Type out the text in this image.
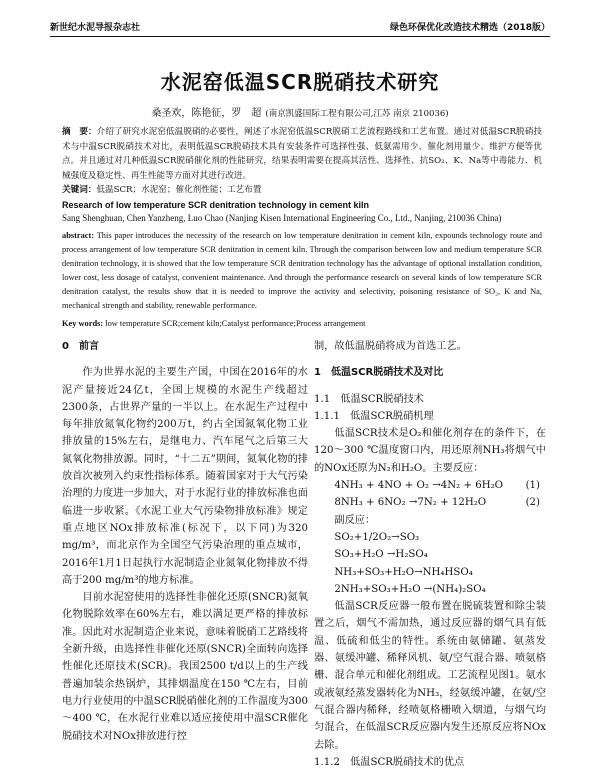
新世纪水泥导报杂志社	绿色环保优化改造技术精选（2018版）
水泥窑低温SCR脱硝技术研究
桑圣欢，陈艳征，罗　超 (南京凯盛国际工程有限公司,江苏 南京 210036)
摘　要：介绍了研究水泥窑低温脱硝的必要性，阐述了水泥窑低温SCR脱硝工艺流程路线和工艺布置。通过对低温SCR脱硝技术与中温SCR脱硝技术对比，表明低温SCR脱硝技术具有安装条件可选择性强、低氨需用少、催化剂用量少、维护方便等优点。并且通过对几种低温SCR脱硝催化剂的性能研究，结果表明需要在提高其活性、选择性、抗SO₂、K、Na等中毒能力、机械强度及稳定性、再生性能等方面对其进行改进。
关键词：低温SCR；水泥窑；催化剂性能；工艺布置
Research of low temperature SCR denitration technology in cement kiln
Sang Shenghuan, Chen Yanzheng, Luo Chao (Nanjing Kisen International Engineering Co., Ltd., Nanjing, 210036 China)
abstract: This paper introduces the necessity of the research on low temperature denitration in cement kiln, expounds technology route and process arrangement of low temperature SCR denitration in cement kiln. Through the comparison between low and medium temperature SCR denitration technology, it is showed that the low temperature SCR denitration technology has the advantage of optional installation condition, lower cost, less dosage of catalyst, convenient maintenance. And through the performance research on several kinds of low temperature SCR denitration catalyst, the results show that it is needed to improve the activity and selectivity, poisoning resistance of SO₂, K and Na, mechanical strength and stability, renewable performance.
Key words: low temperature SCR;cement kiln;Catalyst performance;Process arrangement

0　前言

作为世界水泥的主要生产国，中国在2016年的水泥产量接近24亿t，全国上规模的水泥生产线超过2300条，占世界产量的一半以上。在水泥生产过程中每年排放氮氧化物约200万t，约占全国氮氧化物工业排放量的15%左右，是继电力、汽车尾气之后第三大氮氧化物排放源。同时，“十二五”期间，氮氧化物的排放首次被列入约束性指标体系。随着国家对于大气污染治理的力度进一步加大，对于水泥行业的排放标准也面临进一步收紧。《水泥工业大气污染物排放标准》规定重点地区NOx排放标准(标况下，以下同)为320 mg/m³，而北京作为全国空气污染治理的重点城市，2016年1月1日起执行水泥制造企业氮氧化物排放不得高于200 mg/m³的地方标准。

目前水泥窑使用的选择性非催化还原(SNCR)氮氧化物脱除效率在60%左右，难以满足更严格的排放标准。因此对水泥制造企业来说，意味着脱硝工艺路线将全新升级，由选择性非催化还原(SNCR)全面转向选择性催化还原技术(SCR)。我国2500 t/d以上的生产线普遍加装余热锅炉，其排烟温度在150 ℃左右，目前电力行业使用的中温SCR脱硝催化剂的工作温度为300～400 ℃，在水泥行业难以适应接使用中温SCR催化脱硝技术对NOx排放进行控

制，故低温脱硝将成为首选工艺。

1　低温SCR脱硝技术及对比

1.1　低温SCR脱硝技术

1.1.1　低温SCR脱硝机理

低温SCR技术是O₂和催化剂存在的条件下，在120～300 ℃温度窗口内，用还原剂NH₃将烟气中的NOx还原为N₂和H₂O。主要反应：

4NH₃ + 4NO + O₂ →4N₂ + 6H₂O (1)

8NH₃ + 6NO₂ →7N₂ + 12H₂O	(2)

副反应：

SO₂+1/2O₂→SO₃

SO₃+H₂O →H₂SO₄

NH₃+SO₃+H₂O→NH₄HSO₄

2NH₃+SO₃+H₂O →(NH₄)₂SO₄

低温SCR反应器一般布置在脱硫装置和除尘装置之后，烟气不需加热，通过反应器的烟气具有低温、低硫和低尘的特性。系统由氨储罐、氨蒸发器、氨缓冲罐、稀释风机、氨/空气混合器、喷氨格栅、混合单元和催化剂组成。工艺流程见图1。氨水或液氨经蒸发器转化为NH₃，经氨缓冲罐，在氨/空气混合器内稀释，经喷氨格栅喷入烟道，与烟气均匀混合，在低温SCR反应器内发生还原反应将NOx去除。

1.1.2　低温SCR脱硝技术的优点
